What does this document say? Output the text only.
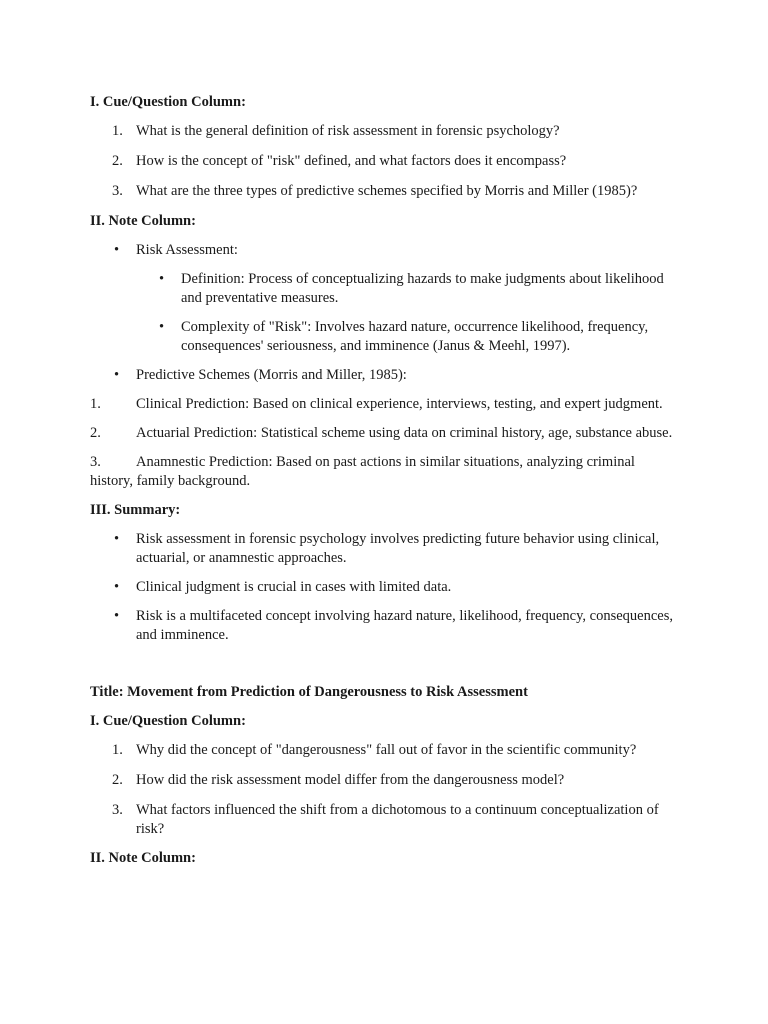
I. Cue/Question Column:
1. What is the general definition of risk assessment in forensic psychology?
2. How is the concept of "risk" defined, and what factors does it encompass?
3. What are the three types of predictive schemes specified by Morris and Miller (1985)?
II. Note Column:
• Risk Assessment:
• Definition: Process of conceptualizing hazards to make judgments about likelihood and preventative measures.
• Complexity of "Risk": Involves hazard nature, occurrence likelihood, frequency, consequences' seriousness, and imminence (Janus & Meehl, 1997).
• Predictive Schemes (Morris and Miller, 1985):
1. Clinical Prediction: Based on clinical experience, interviews, testing, and expert judgment.
2. Actuarial Prediction: Statistical scheme using data on criminal history, age, substance abuse.
3. Anamnestic Prediction: Based on past actions in similar situations, analyzing criminal history, family background.
III. Summary:
• Risk assessment in forensic psychology involves predicting future behavior using clinical, actuarial, or anamnestic approaches.
• Clinical judgment is crucial in cases with limited data.
• Risk is a multifaceted concept involving hazard nature, likelihood, frequency, consequences, and imminence.
Title: Movement from Prediction of Dangerousness to Risk Assessment
I. Cue/Question Column:
1. Why did the concept of "dangerousness" fall out of favor in the scientific community?
2. How did the risk assessment model differ from the dangerousness model?
3. What factors influenced the shift from a dichotomous to a continuum conceptualization of risk?
II. Note Column:
